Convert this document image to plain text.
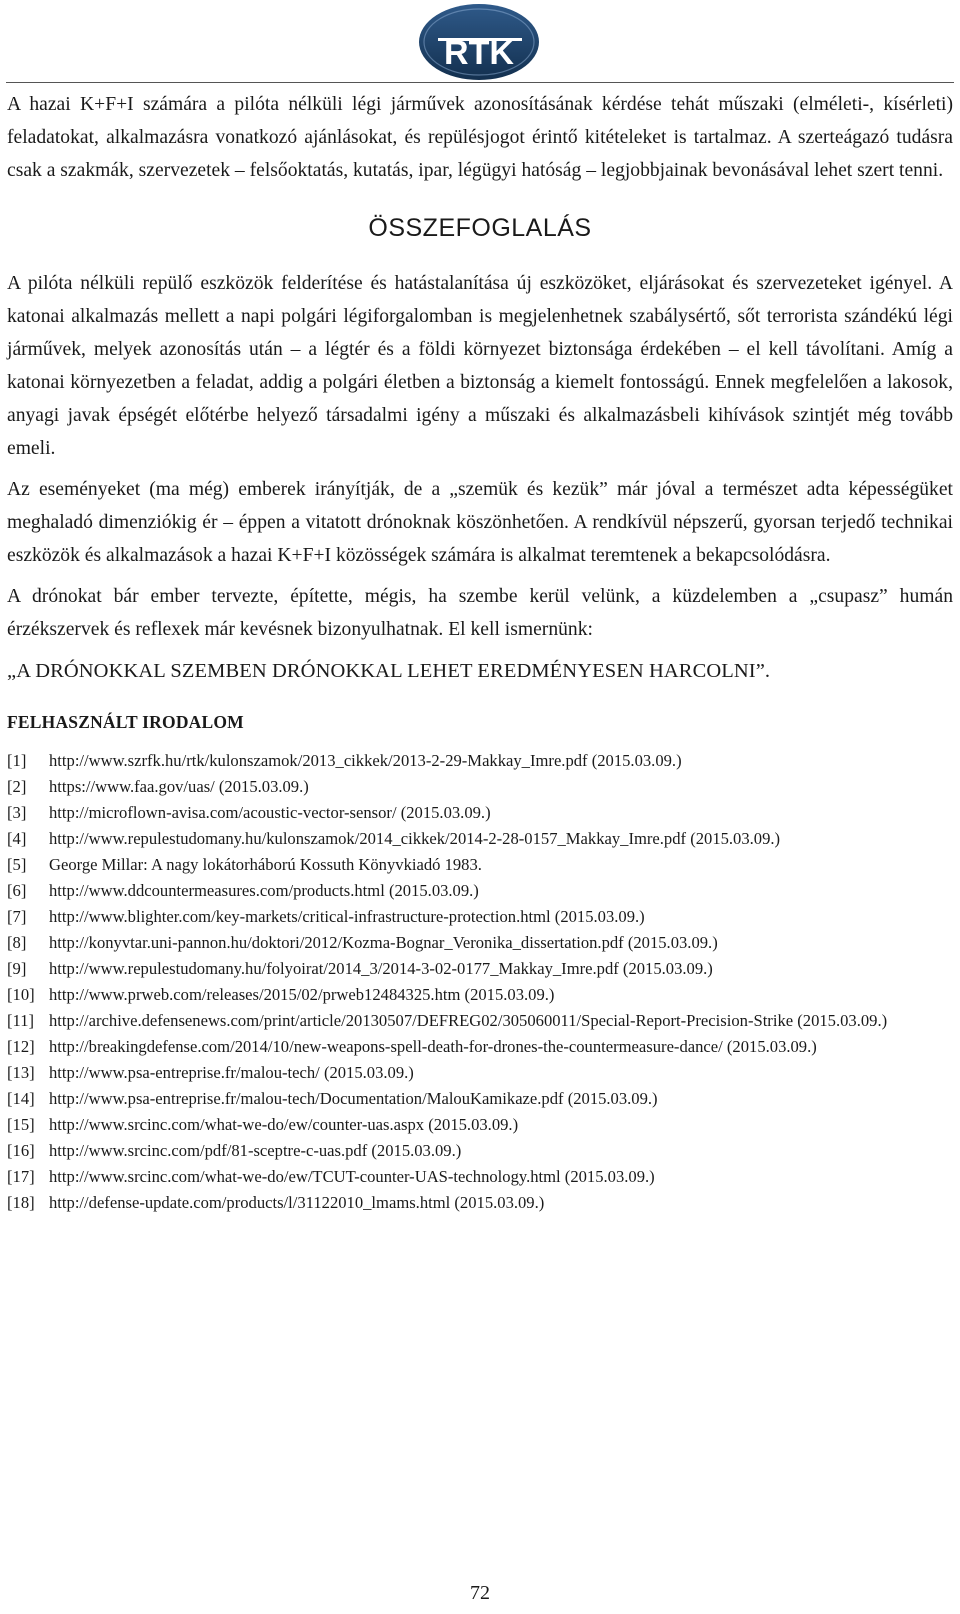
RTK

A hazai K+F+I számára a pilóta nélküli légi járművek azonosításának kérdése tehát műszaki (elméleti-, kísérleti) feladatokat, alkalmazásra vonatkozó ajánlásokat, és repülésjogot érintő kitételeket is tartalmaz. A szerteágazó tudásra csak a szakmák, szervezetek – felsőoktatás, kutatás, ipar, légügyi hatóság – legjobbjainak bevonásával lehet szert tenni.

ÖSSZEFOGLALÁS

A pilóta nélküli repülő eszközök felderítése és hatástalanítása új eszközöket, eljárásokat és szervezeteket igényel. A katonai alkalmazás mellett a napi polgári légiforgalomban is megjelenhetnek szabálysértő, sőt terrorista szándékú légi járművek, melyek azonosítás után – a légtér és a földi környezet biztonsága érdekében – el kell távolítani. Amíg a katonai környezetben a feladat, addig a polgári életben a biztonság a kiemelt fontosságú. Ennek megfelelően a lakosok, anyagi javak épségét előtérbe helyező társadalmi igény a műszaki és alkalmazásbeli kihívások szintjét még tovább emeli.

Az eseményeket (ma még) emberek irányítják, de a „szemük és kezük” már jóval a természet adta képességüket meghaladó dimenziókig ér – éppen a vitatott drónoknak köszönhetően. A rendkívül népszerű, gyorsan terjedő technikai eszközök és alkalmazások a hazai K+F+I közösségek számára is alkalmat teremtenek a bekapcsolódásra.

A drónokat bár ember tervezte, építette, mégis, ha szembe kerül velünk, a küzdelemben a „csupasz” humán érzékszervek és reflexek már kevésnek bizonyulhatnak. El kell ismernünk:

„A DRÓNOKKAL SZEMBEN DRÓNOKKAL LEHET EREDMÉNYESEN HARCOLNI”.

FELHASZNÁLT IRODALOM
[1]	http://www.szrfk.hu/rtk/kulonszamok/2013_cikkek/2013-2-29-Makkay_Imre.pdf (2015.03.09.)
[2]	https://www.faa.gov/uas/ (2015.03.09.)
[3]	http://microflown-avisa.com/acoustic-vector-sensor/ (2015.03.09.)
[4]	http://www.repulestudomany.hu/kulonszamok/2014_cikkek/2014-2-28-0157_Makkay_Imre.pdf (2015.03.09.)
[5]	George Millar: A nagy lokátorháború Kossuth Könyvkiadó 1983.
[6]	http://www.ddcountermeasures.com/products.html (2015.03.09.)
[7]	http://www.blighter.com/key-markets/critical-infrastructure-protection.html (2015.03.09.)
[8]	http://konyvtar.uni-pannon.hu/doktori/2012/Kozma-Bognar_Veronika_dissertation.pdf (2015.03.09.)
[9]	http://www.repulestudomany.hu/folyoirat/2014_3/2014-3-02-0177_Makkay_Imre.pdf (2015.03.09.)
[10] http://www.prweb.com/releases/2015/02/prweb12484325.htm (2015.03.09.)
[11] http://archive.defensenews.com/print/article/20130507/DEFREG02/305060011/Special-Report-Precision-Strike (2015.03.09.)
[12] http://breakingdefense.com/2014/10/new-weapons-spell-death-for-drones-the-countermeasure-dance/ (2015.03.09.)
[13] http://www.psa-entreprise.fr/malou-tech/ (2015.03.09.)
[14] http://www.psa-entreprise.fr/malou-tech/Documentation/MalouKamikaze.pdf (2015.03.09.)
[15] http://www.srcinc.com/what-we-do/ew/counter-uas.aspx (2015.03.09.)
[16] http://www.srcinc.com/pdf/81-sceptre-c-uas.pdf (2015.03.09.)
[17] http://www.srcinc.com/what-we-do/ew/TCUT-counter-UAS-technology.html (2015.03.09.)
[18] http://defense-update.com/products/l/31122010_lmams.html (2015.03.09.)
72
